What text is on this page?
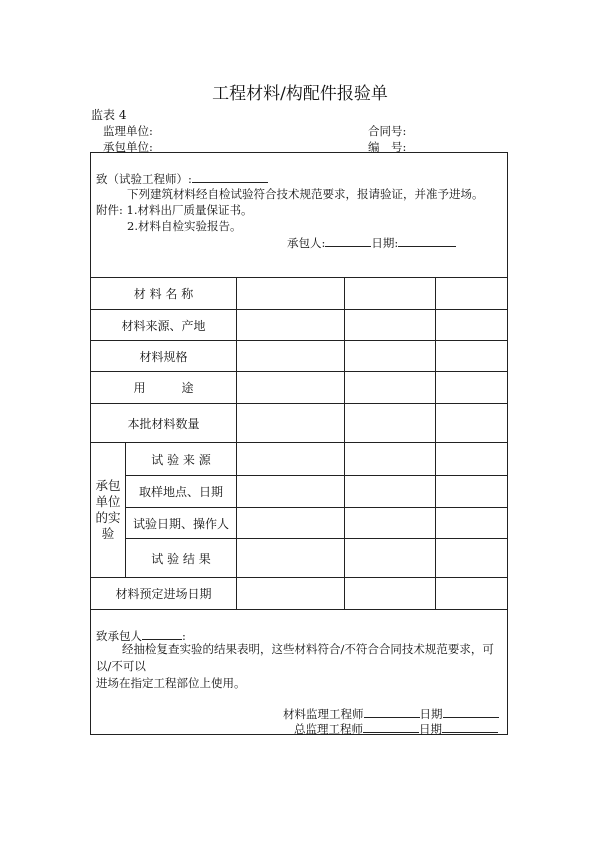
工程材料/构配件报验单
监表 4
监理单位:	合同号:
承包单位:	编　号:
致（试验工程师）:
下列建筑材料经自检试验符合技术规范要求，报请验证，并准予进场。
附件: 1.材料出厂质量保证书。
2.材料自检实验报告。
承包人:	日期:
材 料 名 称
材料来源、产地
材料规格
用　　　途
本批材料数量
承包单位的实验
试 验 来 源
取样地点、日期
试验日期、操作人
试 验 结 果
材料预定进场日期
致承包人	:
经抽检复查实验的结果表明，这些材料符合/不符合合同技术规范要求，可以/不可以
进场在指定工程部位上使用。
材料监理工程师	日期
总监理工程师	日期
